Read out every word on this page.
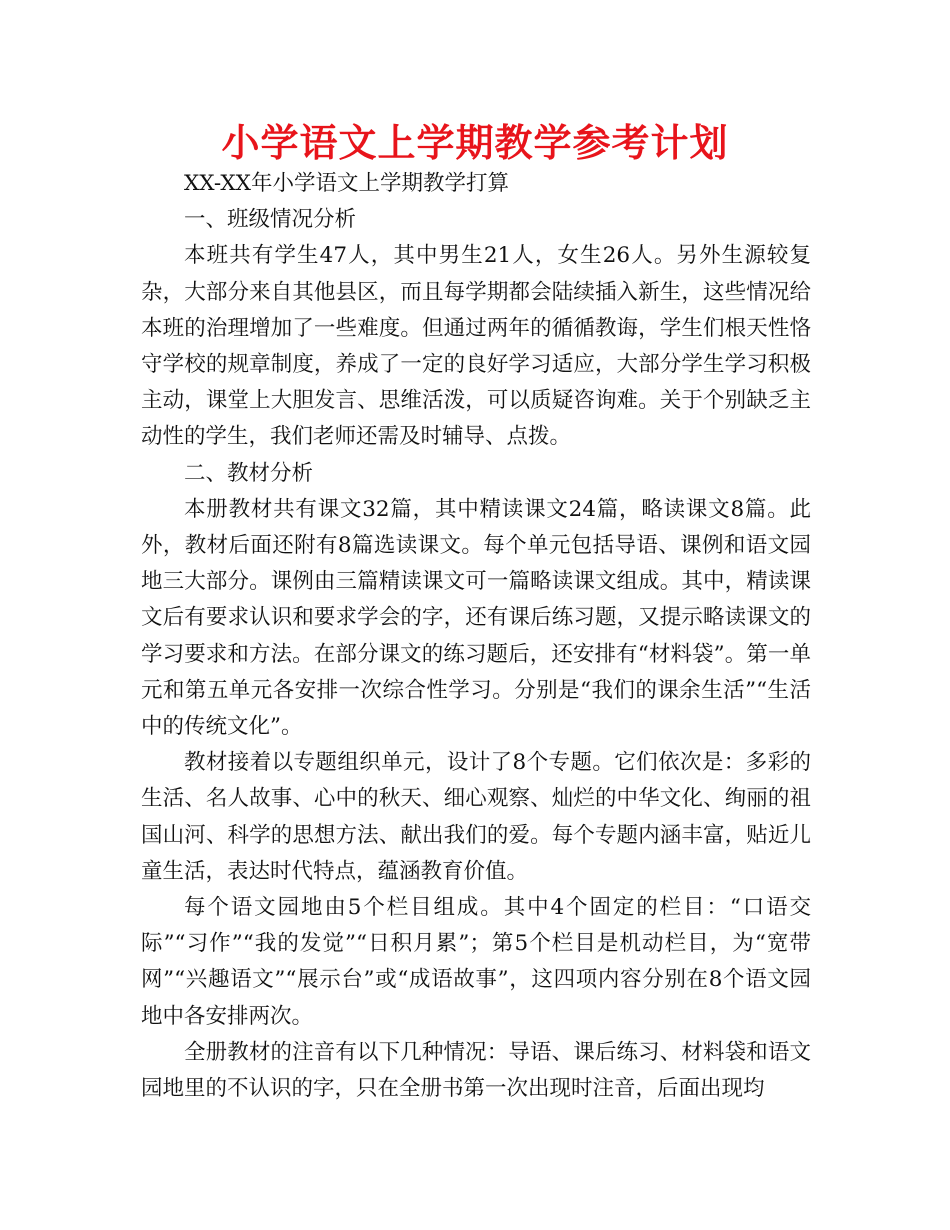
小学语文上学期教学参考计划

XX-XX年小学语文上学期教学打算

一、班级情况分析

本班共有学生47人，其中男生21人，女生26人。另外生源较复杂，大部分来自其他县区，而且每学期都会陆续插入新生，这些情况给本班的治理增加了一些难度。但通过两年的循循教诲，学生们根天性恪守学校的规章制度，养成了一定的良好学习适应，大部分学生学习积极主动，课堂上大胆发言、思维活泼，可以质疑咨询难。关于个别缺乏主动性的学生，我们老师还需及时辅导、点拨。

二、教材分析

本册教材共有课文32篇，其中精读课文24篇，略读课文8篇。此外，教材后面还附有8篇选读课文。每个单元包括导语、课例和语文园地三大部分。课例由三篇精读课文可一篇略读课文组成。其中，精读课文后有要求认识和要求学会的字，还有课后练习题，又提示略读课文的学习要求和方法。在部分课文的练习题后，还安排有“材料袋”。第一单元和第五单元各安排一次综合性学习。分别是“我们的课余生活”“生活中的传统文化”。

教材接着以专题组织单元，设计了8个专题。它们依次是：多彩的生活、名人故事、心中的秋天、细心观察、灿烂的中华文化、绚丽的祖国山河、科学的思想方法、献出我们的爱。每个专题内涵丰富，贴近儿童生活，表达时代特点，蕴涵教育价值。

每个语文园地由5个栏目组成。其中4个固定的栏目：“口语交际”“习作”“我的发觉”“日积月累”；第5个栏目是机动栏目，为“宽带网”“兴趣语文”“展示台”或“成语故事”，这四项内容分别在8个语文园地中各安排两次。

全册教材的注音有以下几种情况：导语、课后练习、材料袋和语文园地里的不认识的字，只在全册书第一次出现时注音，后面出现均
